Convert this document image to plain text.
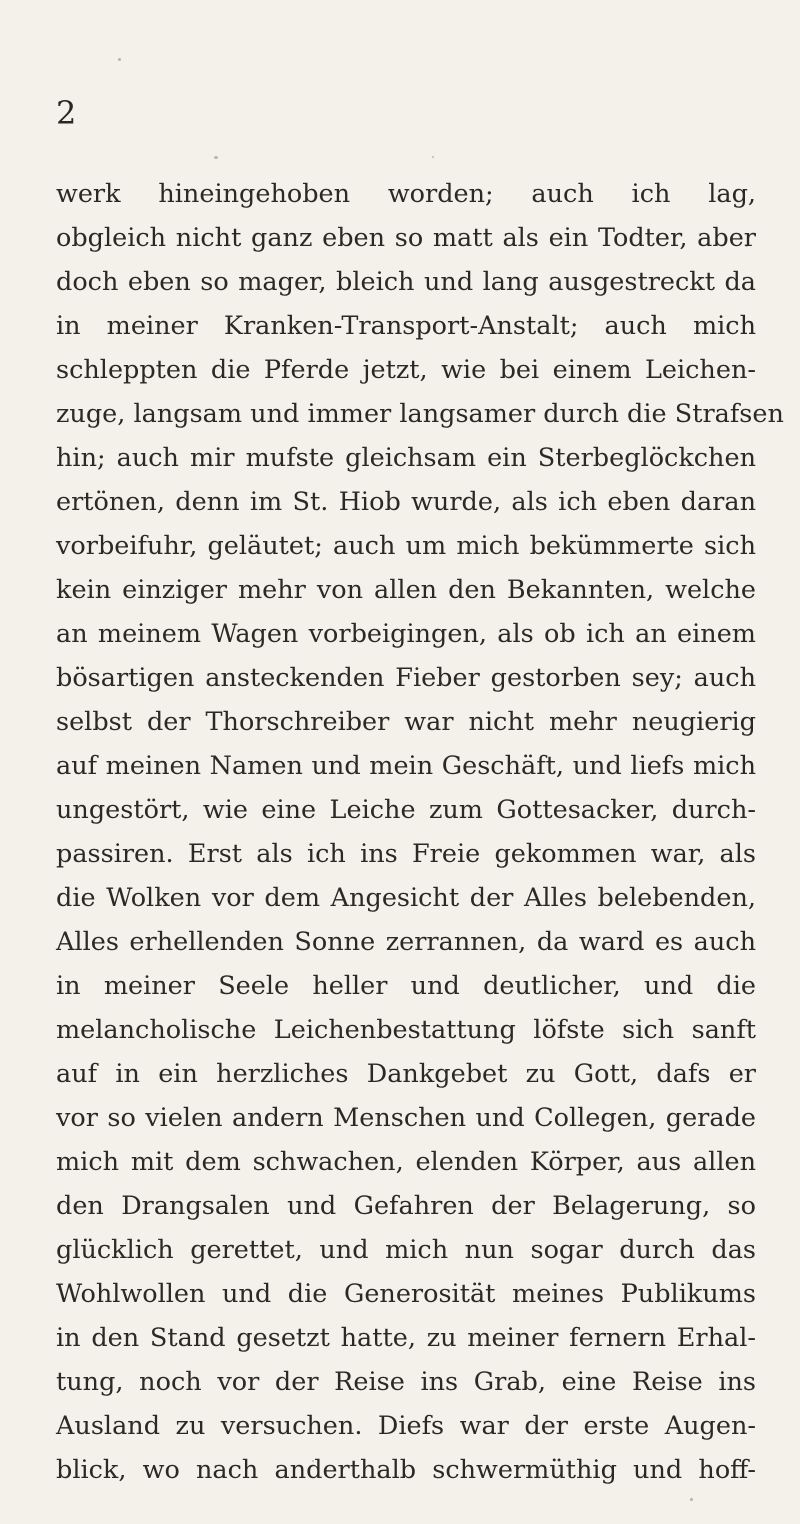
2
werk hineingehoben worden; auch ich lag,
obgleich nicht ganz eben so matt als ein Todter, aber
doch eben so mager, bleich und lang ausgestreckt da
in meiner Kranken-Transport-Anstalt; auch mich
schleppten die Pferde jetzt, wie bei einem Leichen-
zuge, langsam und immer langsamer durch die Strafsen
hin; auch mir mufste gleichsam ein Sterbeglöckchen
ertönen, denn im St. Hiob wurde, als ich eben daran
vorbeifuhr, geläutet; auch um mich bekümmerte sich
kein einziger mehr von allen den Bekannten, welche
an meinem Wagen vorbeigingen, als ob ich an einem
bösartigen ansteckenden Fieber gestorben sey; auch
selbst der Thorschreiber war nicht mehr neugierig
auf meinen Namen und mein Geschäft, und liefs mich
ungestört, wie eine Leiche zum Gottesacker, durch-
passiren. Erst als ich ins Freie gekommen war, als
die Wolken vor dem Angesicht der Alles belebenden,
Alles erhellenden Sonne zerrannen, da ward es auch
in meiner Seele heller und deutlicher, und die
melancholische Leichenbestattung löfste sich sanft
auf in ein herzliches Dankgebet zu Gott, dafs er
vor so vielen andern Menschen und Collegen, gerade
mich mit dem schwachen, elenden Körper, aus allen
den Drangsalen und Gefahren der Belagerung, so
glücklich gerettet, und mich nun sogar durch das
Wohlwollen und die Generosität meines Publikums
in den Stand gesetzt hatte, zu meiner fernern Erhal-
tung, noch vor der Reise ins Grab, eine Reise ins
Ausland zu versuchen. Diefs war der erste Augen-
blick, wo nach anderthalb schwermüthig und hoff-
